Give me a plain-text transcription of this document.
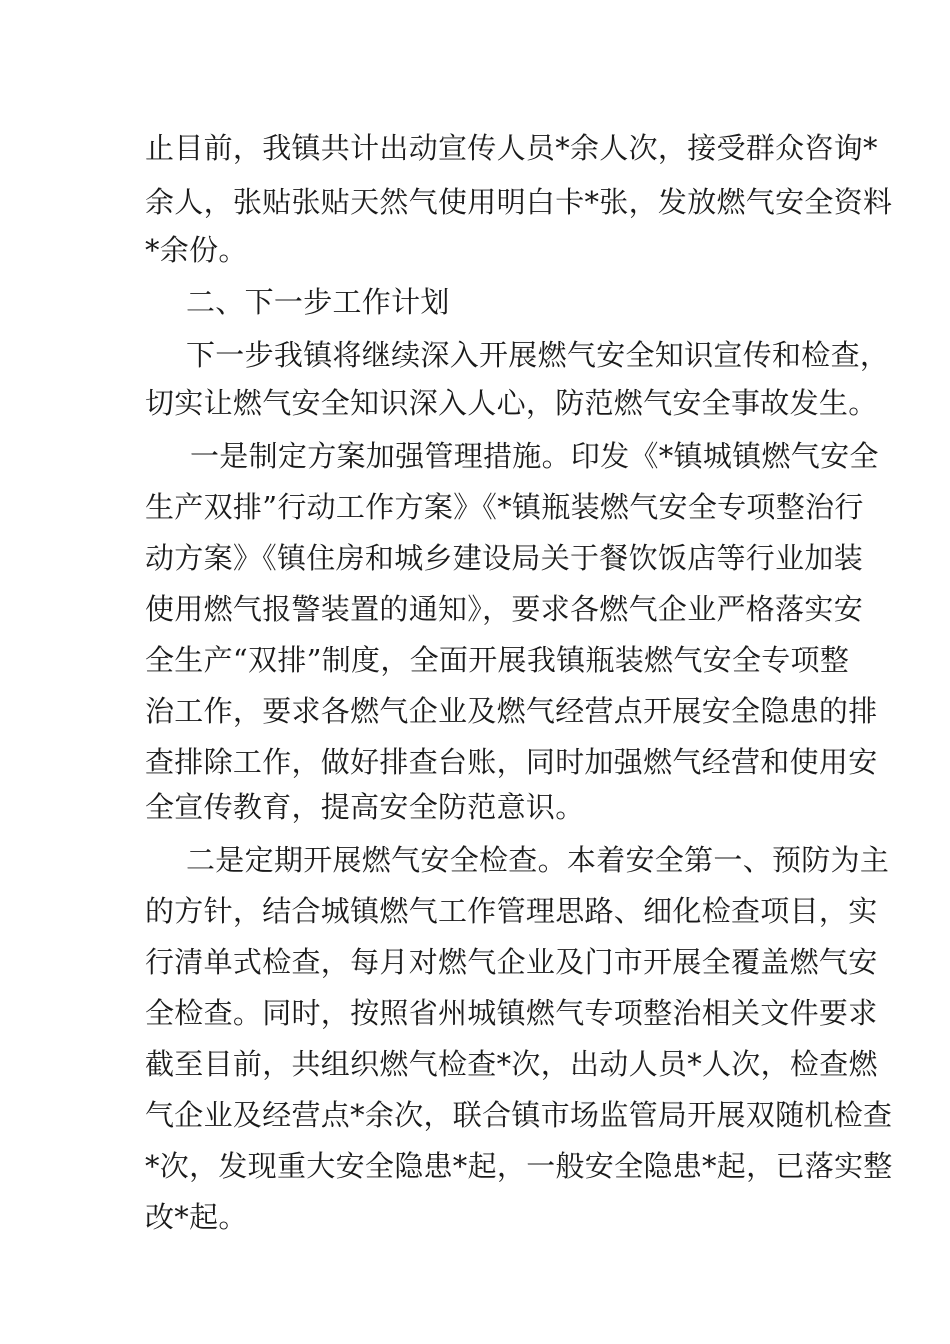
止目前，我镇共计出动宣传人员*余人次，接受群众咨询*
余人，张贴张贴天然气使用明白卡*张，发放燃气安全资料
*余份。
二、下一步工作计划
下一步我镇将继续深入开展燃气安全知识宣传和检查，
切实让燃气安全知识深入人心，防范燃气安全事故发生。
一是制定方案加强管理措施。印发《*镇城镇燃气安全
生产双排”行动工作方案》《*镇瓶装燃气安全专项整治行
动方案》《镇住房和城乡建设局关于餐饮饭店等行业加装
使用燃气报警装置的通知》，要求各燃气企业严格落实安
全生产“双排”制度，全面开展我镇瓶装燃气安全专项整
治工作，要求各燃气企业及燃气经营点开展安全隐患的排
查排除工作，做好排查台账，同时加强燃气经营和使用安
全宣传教育，提高安全防范意识。
二是定期开展燃气安全检查。本着安全第一、预防为主
的方针，结合城镇燃气工作管理思路、细化检查项目，实
行清单式检查，每月对燃气企业及门市开展全覆盖燃气安
全检查。同时，按照省州城镇燃气专项整治相关文件要求
截至目前，共组织燃气检查*次，出动人员*人次，检查燃
气企业及经营点*余次，联合镇市场监管局开展双随机检查
*次，发现重大安全隐患*起，一般安全隐患*起，已落实整
改*起。
